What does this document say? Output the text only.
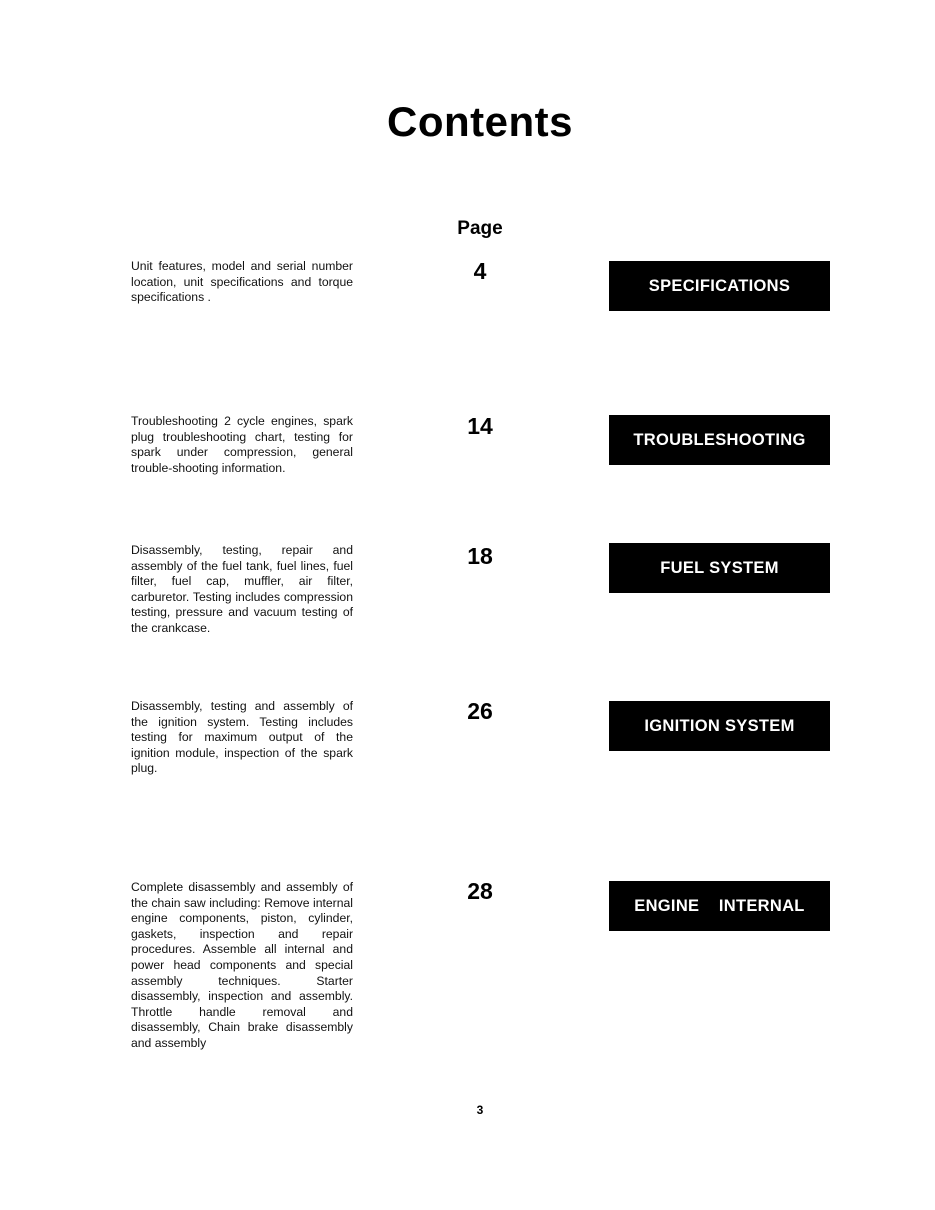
Contents
Page
Unit features, model and serial number location, unit specifications and torque specifications .
4
SPECIFICATIONS
Troubleshooting 2 cycle engines, spark plug troubleshooting chart, testing for spark under compression, general trouble-shooting information.
14
TROUBLESHOOTING
Disassembly, testing, repair and assembly of the fuel tank, fuel lines, fuel filter, fuel cap, muffler, air filter, carburetor. Testing includes compression testing, pressure and vacuum testing of the crankcase.
18	FUEL SYSTEM
Disassembly, testing and assembly of the ignition system. Testing includes testing for maximum output of the ignition module, inspection of the spark plug.
26
IGNITION SYSTEM
Complete disassembly and assembly of the chain saw including: Remove internal engine components, piston, cylinder, gaskets, inspection and repair procedures. Assemble all internal and power head components and special assembly techniques. Starter disassembly, inspection and assembly. Throttle handle removal and disassembly, Chain brake disassembly and assembly
28
ENGINE    INTERNAL
3
